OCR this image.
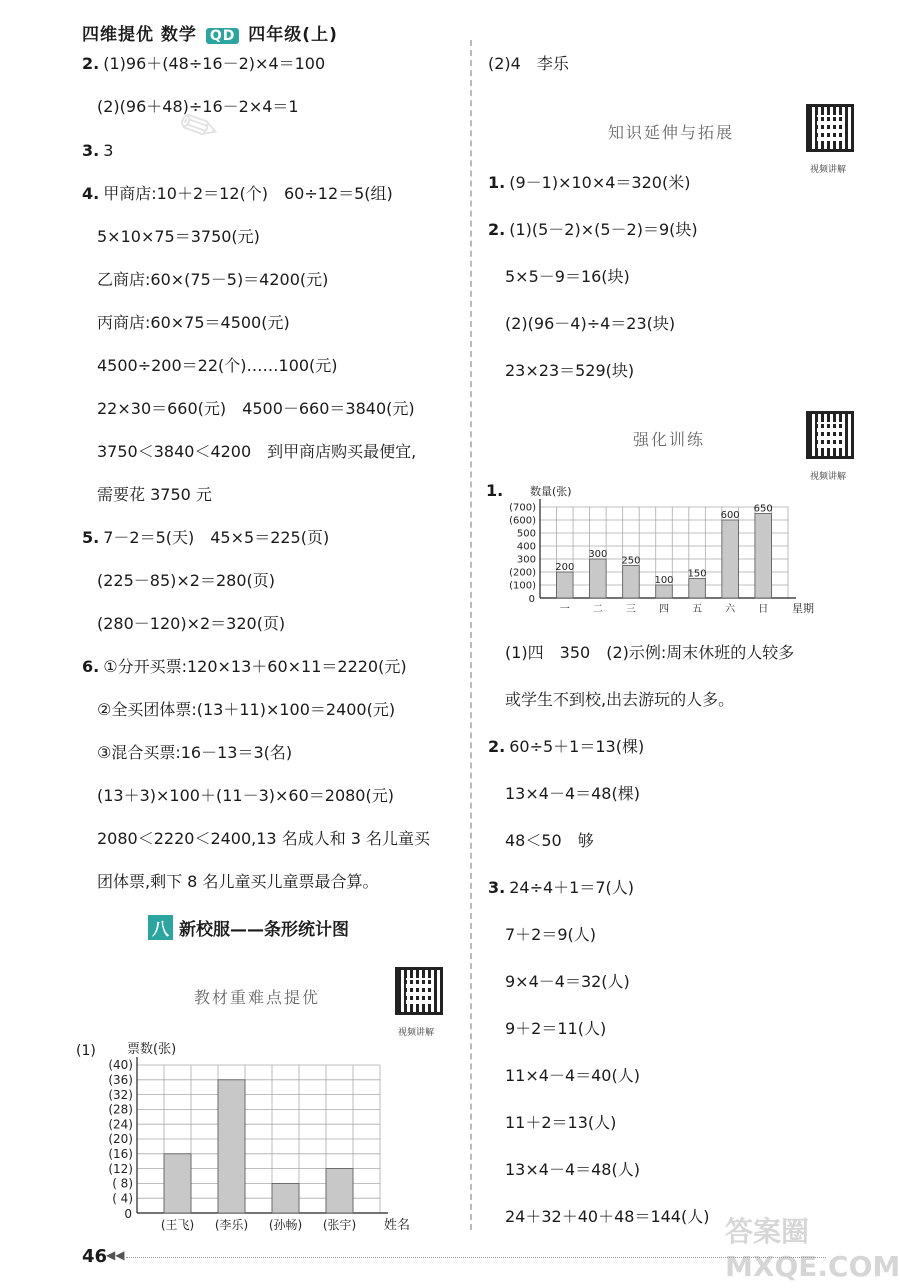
四维提优 数学 QD 四年级(上)
✎
答案圈 MXQE.COM
2. (1)96＋(48÷16－2)×4＝100
(2)(96＋48)÷16－2×4＝1
3. 3
4. 甲商店:10＋2＝12(个)　60÷12＝5(组)
5×10×75＝3750(元)
乙商店:60×(75－5)＝4200(元)
丙商店:60×75＝4500(元)
4500÷200＝22(个)……100(元)
22×30＝660(元)　4500－660＝3840(元)
3750＜3840＜4200　到甲商店购买最便宜,
需要花 3750 元
5. 7－2＝5(天)　45×5＝225(页)
(225－85)×2＝280(页)
(280－120)×2＝320(页)
6. ①分开买票:120×13＋60×11＝2220(元)
②全买团体票:(13＋11)×100＝2400(元)
③混合买票:16－13＝3(名)
(13＋3)×100＋(11－3)×60＝2080(元)
2080＜2220＜2400,13 名成人和 3 名儿童买
团体票,剩下 8 名儿童买儿童票最合算。
八 新校服——条形统计图
教材重难点提优
视频讲解
(1)
( 4)
( 8)
(12)
(16)
(20)
(24)
(28)
(32)
(36)
(40)
0
票数(张)
姓名
(王飞) (李乐) (孙畅) (张宇)
(2)4　李乐
知识延伸与拓展
视频讲解
1. (9－1)×10×4＝320(米)
2. (1)(5－2)×(5－2)＝9(块)
5×5－9＝16(块)
(2)(96－4)÷4＝23(块)
23×23＝529(块)
强化训练
视频讲解
1.
(100)
(200)
300
400
500
(600)
(700)
0
数量(张)
星期
一
200
二
300
三
250
四
100
五
150
六
600
日
650
(1)四　350　(2)示例:周末休班的人较多
或学生不到校,出去游玩的人多。
2. 60÷5＋1＝13(棵)
13×4－4＝48(棵)
48＜50　够
3. 24÷4＋1＝7(人)
7＋2＝9(人)
9×4－4＝32(人)
9＋2＝11(人)
11×4－4＝40(人)
11＋2＝13(人)
13×4－4＝48(人)
24＋32＋40＋48＝144(人)
46
◀◀
